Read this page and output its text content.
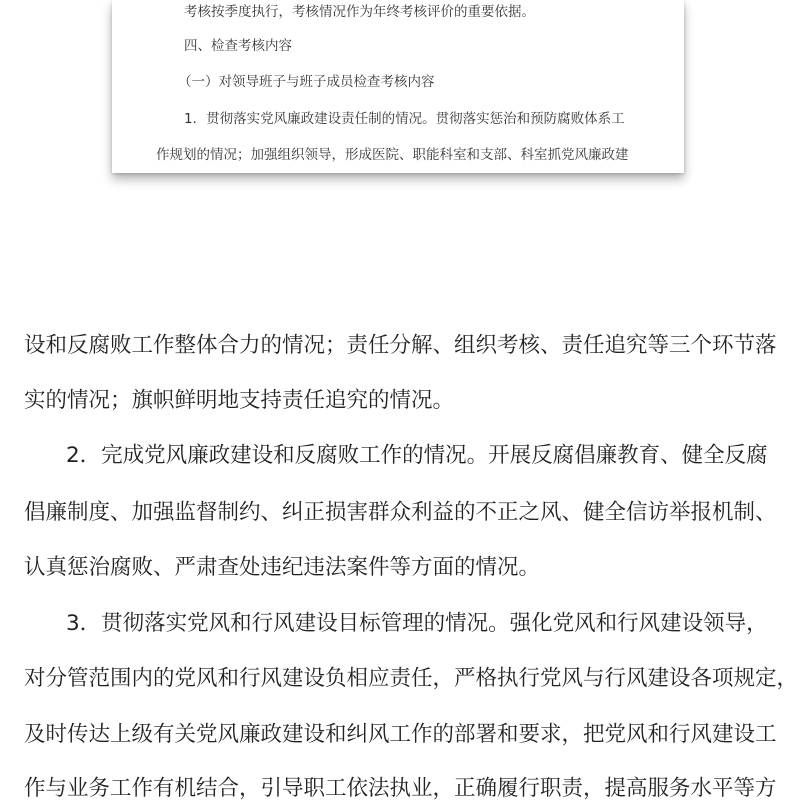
考核按季度执行，考核情况作为年终考核评价的重要依据。
四、检查考核内容
（一）对领导班子与班子成员检查考核内容
1．贯彻落实党风廉政建设责任制的情况。贯彻落实惩治和预防腐败体系工
作规划的情况；加强组织领导，形成医院、职能科室和支部、科室抓党风廉政建
设和反腐败工作整体合力的情况；责任分解、组织考核、责任追究等三个环节落
实的情况；旗帜鲜明地支持责任追究的情况。
2．完成党风廉政建设和反腐败工作的情况。开展反腐倡廉教育、健全反腐
倡廉制度、加强监督制约、纠正损害群众利益的不正之风、健全信访举报机制、
认真惩治腐败、严肃查处违纪违法案件等方面的情况。
3．贯彻落实党风和行风建设目标管理的情况。强化党风和行风建设领导，
对分管范围内的党风和行风建设负相应责任，严格执行党风与行风建设各项规定，
及时传达上级有关党风廉政建设和纠风工作的部署和要求，把党风和行风建设工
作与业务工作有机结合，引导职工依法执业，正确履行职责，提高服务水平等方
